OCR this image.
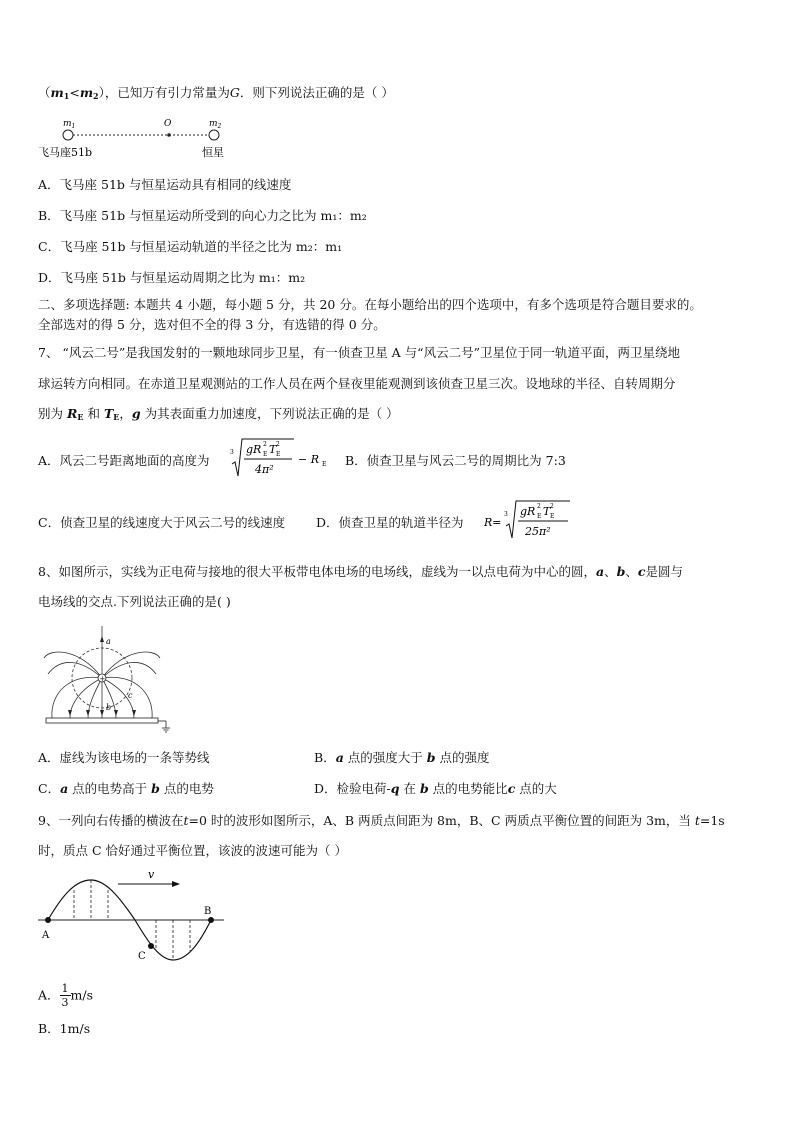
$(m_1<m_2)$，已知万有引力常量为G．则下列说法正确的是（ ）
$m_1$	O	$m_2$
飞马座51b	恒星
A．飞马座 51b 与恒星运动具有相同的线速度
B．飞马座 51b 与恒星运动所受到的向心力之比为 m₁：m₂
C．飞马座 51b 与恒星运动轨道的半径之比为 m₂：m₁
D．飞马座 51b 与恒星运动周期之比为 m₁：m₂
二、多项选择题: 本题共 4 小题，每小题 5 分，共 20 分。在每小题给出的四个选项中，有多个选项是符合题目要求的。
全部选对的得 5 分，选对但不全的得 3 分，有选错的得 0 分。
7、 “风云二号”是我国发射的一颗地球同步卫星，有一侦查卫星 A 与“风云二号”卫星位于同一轨道平面，两卫星绕地
球运转方向相同。在赤道卫星观测站的工作人员在两个昼夜里能观测到该侦查卫星三次。设地球的半径、自转周期分
别为 $R_E$ 和 $T_E$，g 为其表面重力加速度，下列说法正确的是（ ）
A．风云二号距离地面的高度为
3 gR E
2 T E
2
4π²
− R E B．侦查卫星与风云二号的周期比为 7:3
C．侦查卫星的线速度大于风云二号的线速度 D．侦查卫星的轨道半径为 R=
3 gR E
2 T E
2
25π²
8、如图所示，实线为正电荷与接地的很大平板带电体电场的电场线，虚线为一以点电荷为中心的圆，a、b、c是圆与
电场线的交点.下列说法正确的是( )
+
a
b
c
A．虚线为该电场的一条等势线	B．a 点的强度大于 b 点的强度
C．a 点的电势高于 b 点的电势	D．检验电荷-q 在 b 点的电势能比c 点的大
9、一列向右传播的横波在t=0 时的波形如图所示，A、B 两质点间距为 8m，B、C 两质点平衡位置的间距为 3m，当 t=1s
时，质点 C 恰好通过平衡位置，该波的波速可能为（ ）
v
A
B
C
A． $\frac{1}{3} m/s$
B．1m/s
